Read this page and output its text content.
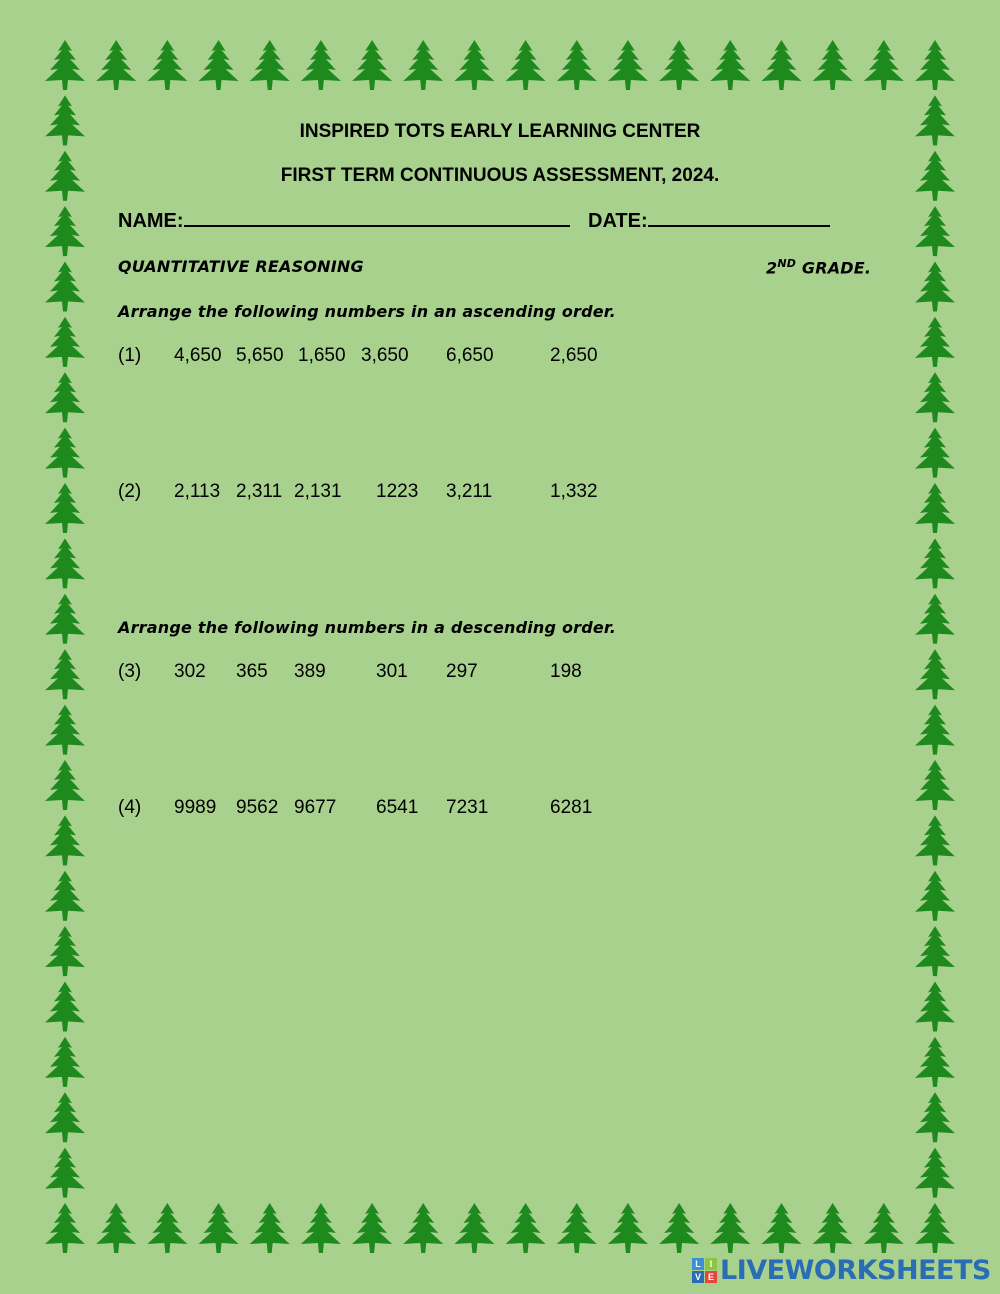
INSPIRED TOTS EARLY LEARNING CENTER
FIRST TERM CONTINUOUS ASSESSMENT, 2024.
NAME:	DATE:
QUANTITATIVE REASONING	2ND GRADE.
Arrange the following numbers in an ascending order.
(1) 4,650 5,650 1,650 3,650 6,650	2,650
(2) 2,113 2,311 2,131 1223 3,211	1,332
Arrange the following numbers in a descending order.
(3) 302 365 389	301 297	198
(4) 9989 9562 9677 6541 7231	6281
L I
V E LIVEWORKSHEETS
